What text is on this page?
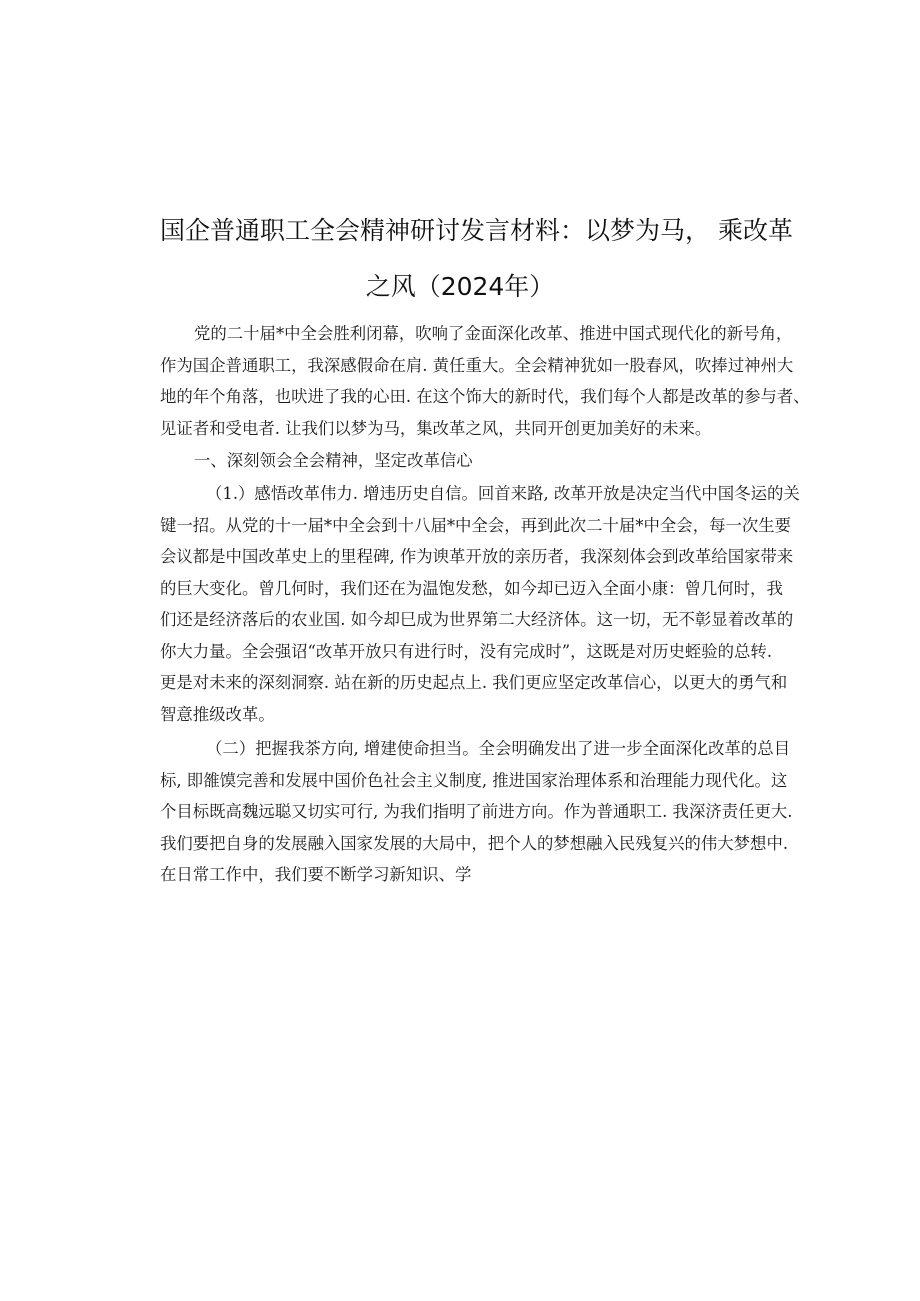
国企普通职工全会精神研讨发言材料：以梦为马， 乘改革
之风（2024年）

党的二十届*中全会胜利闭幕，吹响了金面深化改革、推进中国式现代化的新号角，
作为国企普通职工，我深感假命在肩. 黄任重大。全会精神犹如一股春风，吹捧过神州大
地的年个角落，也吠进了我的心田. 在这个饰大的新时代，我们每个人都是改革的参与者、
见证者和受电者. 让我们以梦为马，集改革之风，共同开创更加美好的未来。

一、深刻领会全会精神，坚定改革信心

（1.）感悟改革伟力. 增违历史自信。回首来路, 改革开放是决定当代中国冬运的关
键一招。从党的十一届*中全会到十八届*中全会，再到此次二十届*中全会，每一次生要
会议都是中国改革史上的里程碑, 作为谀革开放的亲历者，我深刻体会到改革给国家带来
的巨大变化。曾几何时，我们还在为温饱发愁，如今却已迈入全面小康：曾几何时，我
们还是经济落后的农业国. 如今却巳成为世界第二大经济体。这一切，无不彰显着改革的
你大力量。全会强诏“改革开放只有进行时，没有完成时”，这既是对历史蛭验的总转.
更是对未来的深刻洞察. 站在新的历史起点上. 我们更应坚定改革信心，以更大的勇气和
智意推级改革。

（二）把握我茶方向, 增建使命担当。全会明确发出了进一步全面深化改革的总目
标, 即雒馍完善和发展中国价色社会主义制度, 推进国家治理体系和治理能力现代化。这
个目标既高魏远聪又切实可行, 为我们指明了前进方向。作为普通职工. 我深济责任更大.
我们要把自身的发展融入国家发展的大局中，把个人的梦想融入民残复兴的伟大梦想中.
在日常工作中，我们要不断学习新知识、学
